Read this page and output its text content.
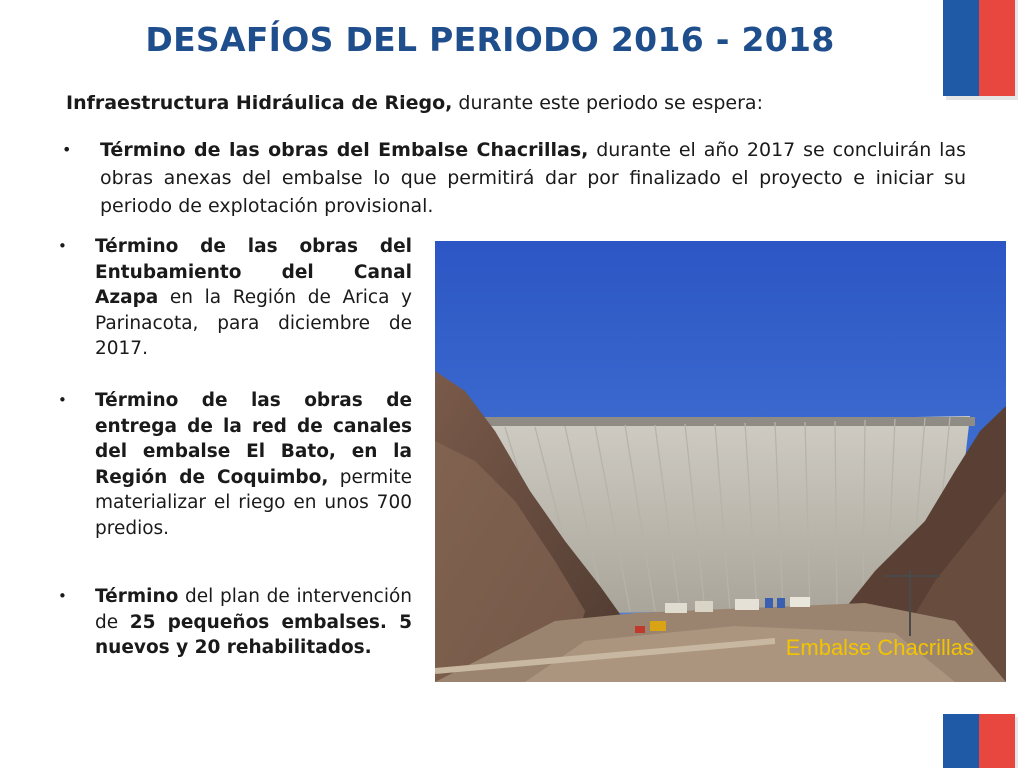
DESAFÍOS DEL PERIODO 2016 - 2018
Infraestructura Hidráulica de Riego, durante este periodo se espera:
•	Término de las obras del Embalse Chacrillas, durante el año 2017 se concluirán las obras anexas del embalse lo que permitirá dar por finalizado el proyecto e iniciar su periodo de explotación provisional.
•	Término de las obras del Entubamiento del Canal Azapa en la Región de Arica y Parinacota, para diciembre de 2017.
•	Término de las obras de entrega de la red de canales del embalse El Bato, en la Región de Coquimbo, permite materializar el riego en unos 700 predios.
•	Término del plan de intervención de 25 pequeños embalses. 5 nuevos y 20 rehabilitados.	Embalse Chacrillas
